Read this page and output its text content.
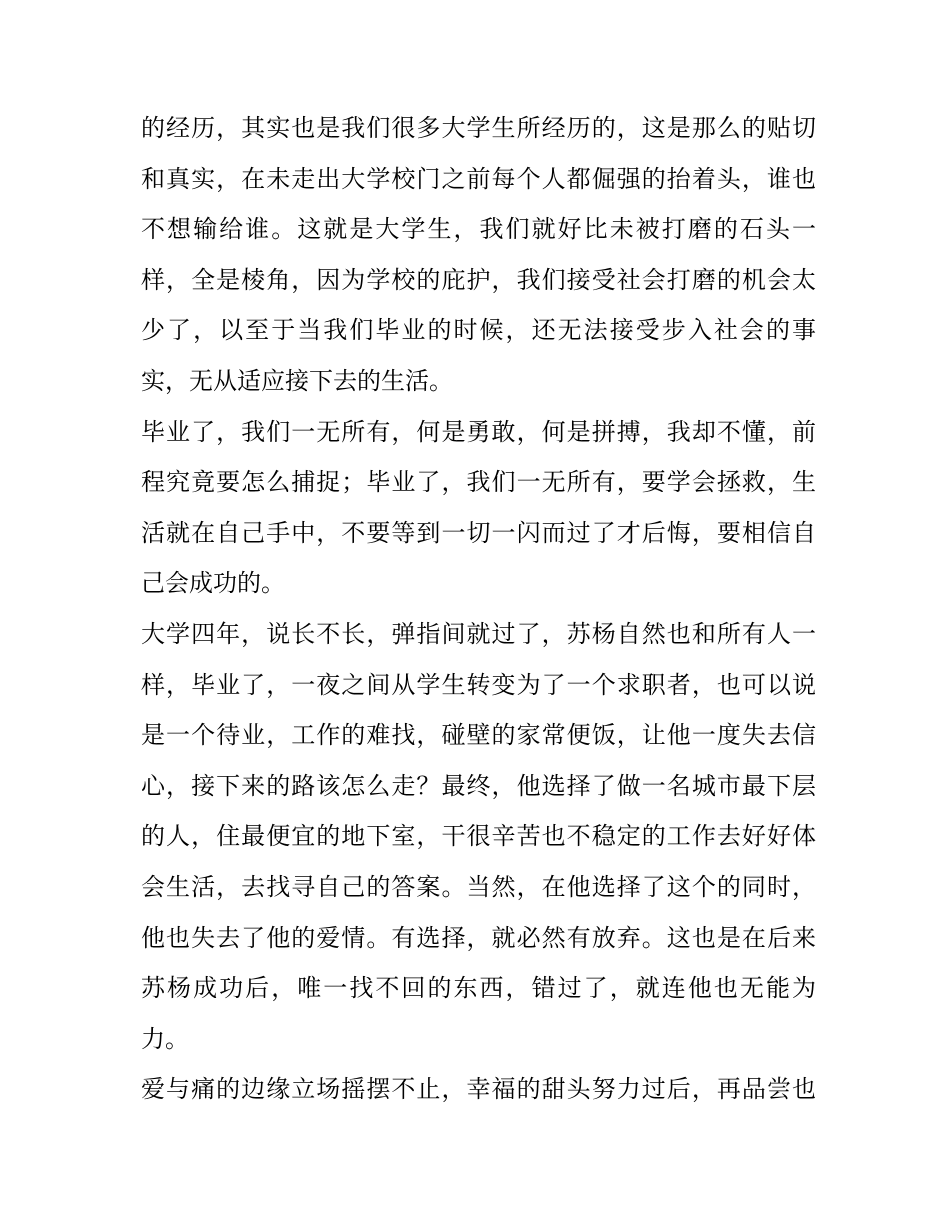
的经历，其实也是我们很多大学生所经历的，这是那么的贴切
和真实，在未走出大学校门之前每个人都倔强的抬着头，谁也
不想输给谁。这就是大学生，我们就好比未被打磨的石头一
样，全是棱角，因为学校的庇护，我们接受社会打磨的机会太
少了，以至于当我们毕业的时候，还无法接受步入社会的事
实，无从适应接下去的生活。
毕业了，我们一无所有，何是勇敢，何是拼搏，我却不懂，前
程究竟要怎么捕捉；毕业了，我们一无所有，要学会拯救，生
活就在自己手中，不要等到一切一闪而过了才后悔，要相信自
己会成功的。
大学四年，说长不长，弹指间就过了，苏杨自然也和所有人一
样，毕业了，一夜之间从学生转变为了一个求职者，也可以说
是一个待业，工作的难找，碰壁的家常便饭，让他一度失去信
心，接下来的路该怎么走？最终，他选择了做一名城市最下层
的人，住最便宜的地下室，干很辛苦也不稳定的工作去好好体
会生活，去找寻自己的答案。当然，在他选择了这个的同时，
他也失去了他的爱情。有选择，就必然有放弃。这也是在后来
苏杨成功后，唯一找不回的东西，错过了，就连他也无能为
力。
爱与痛的边缘立场摇摆不止，幸福的甜头努力过后，再品尝也
